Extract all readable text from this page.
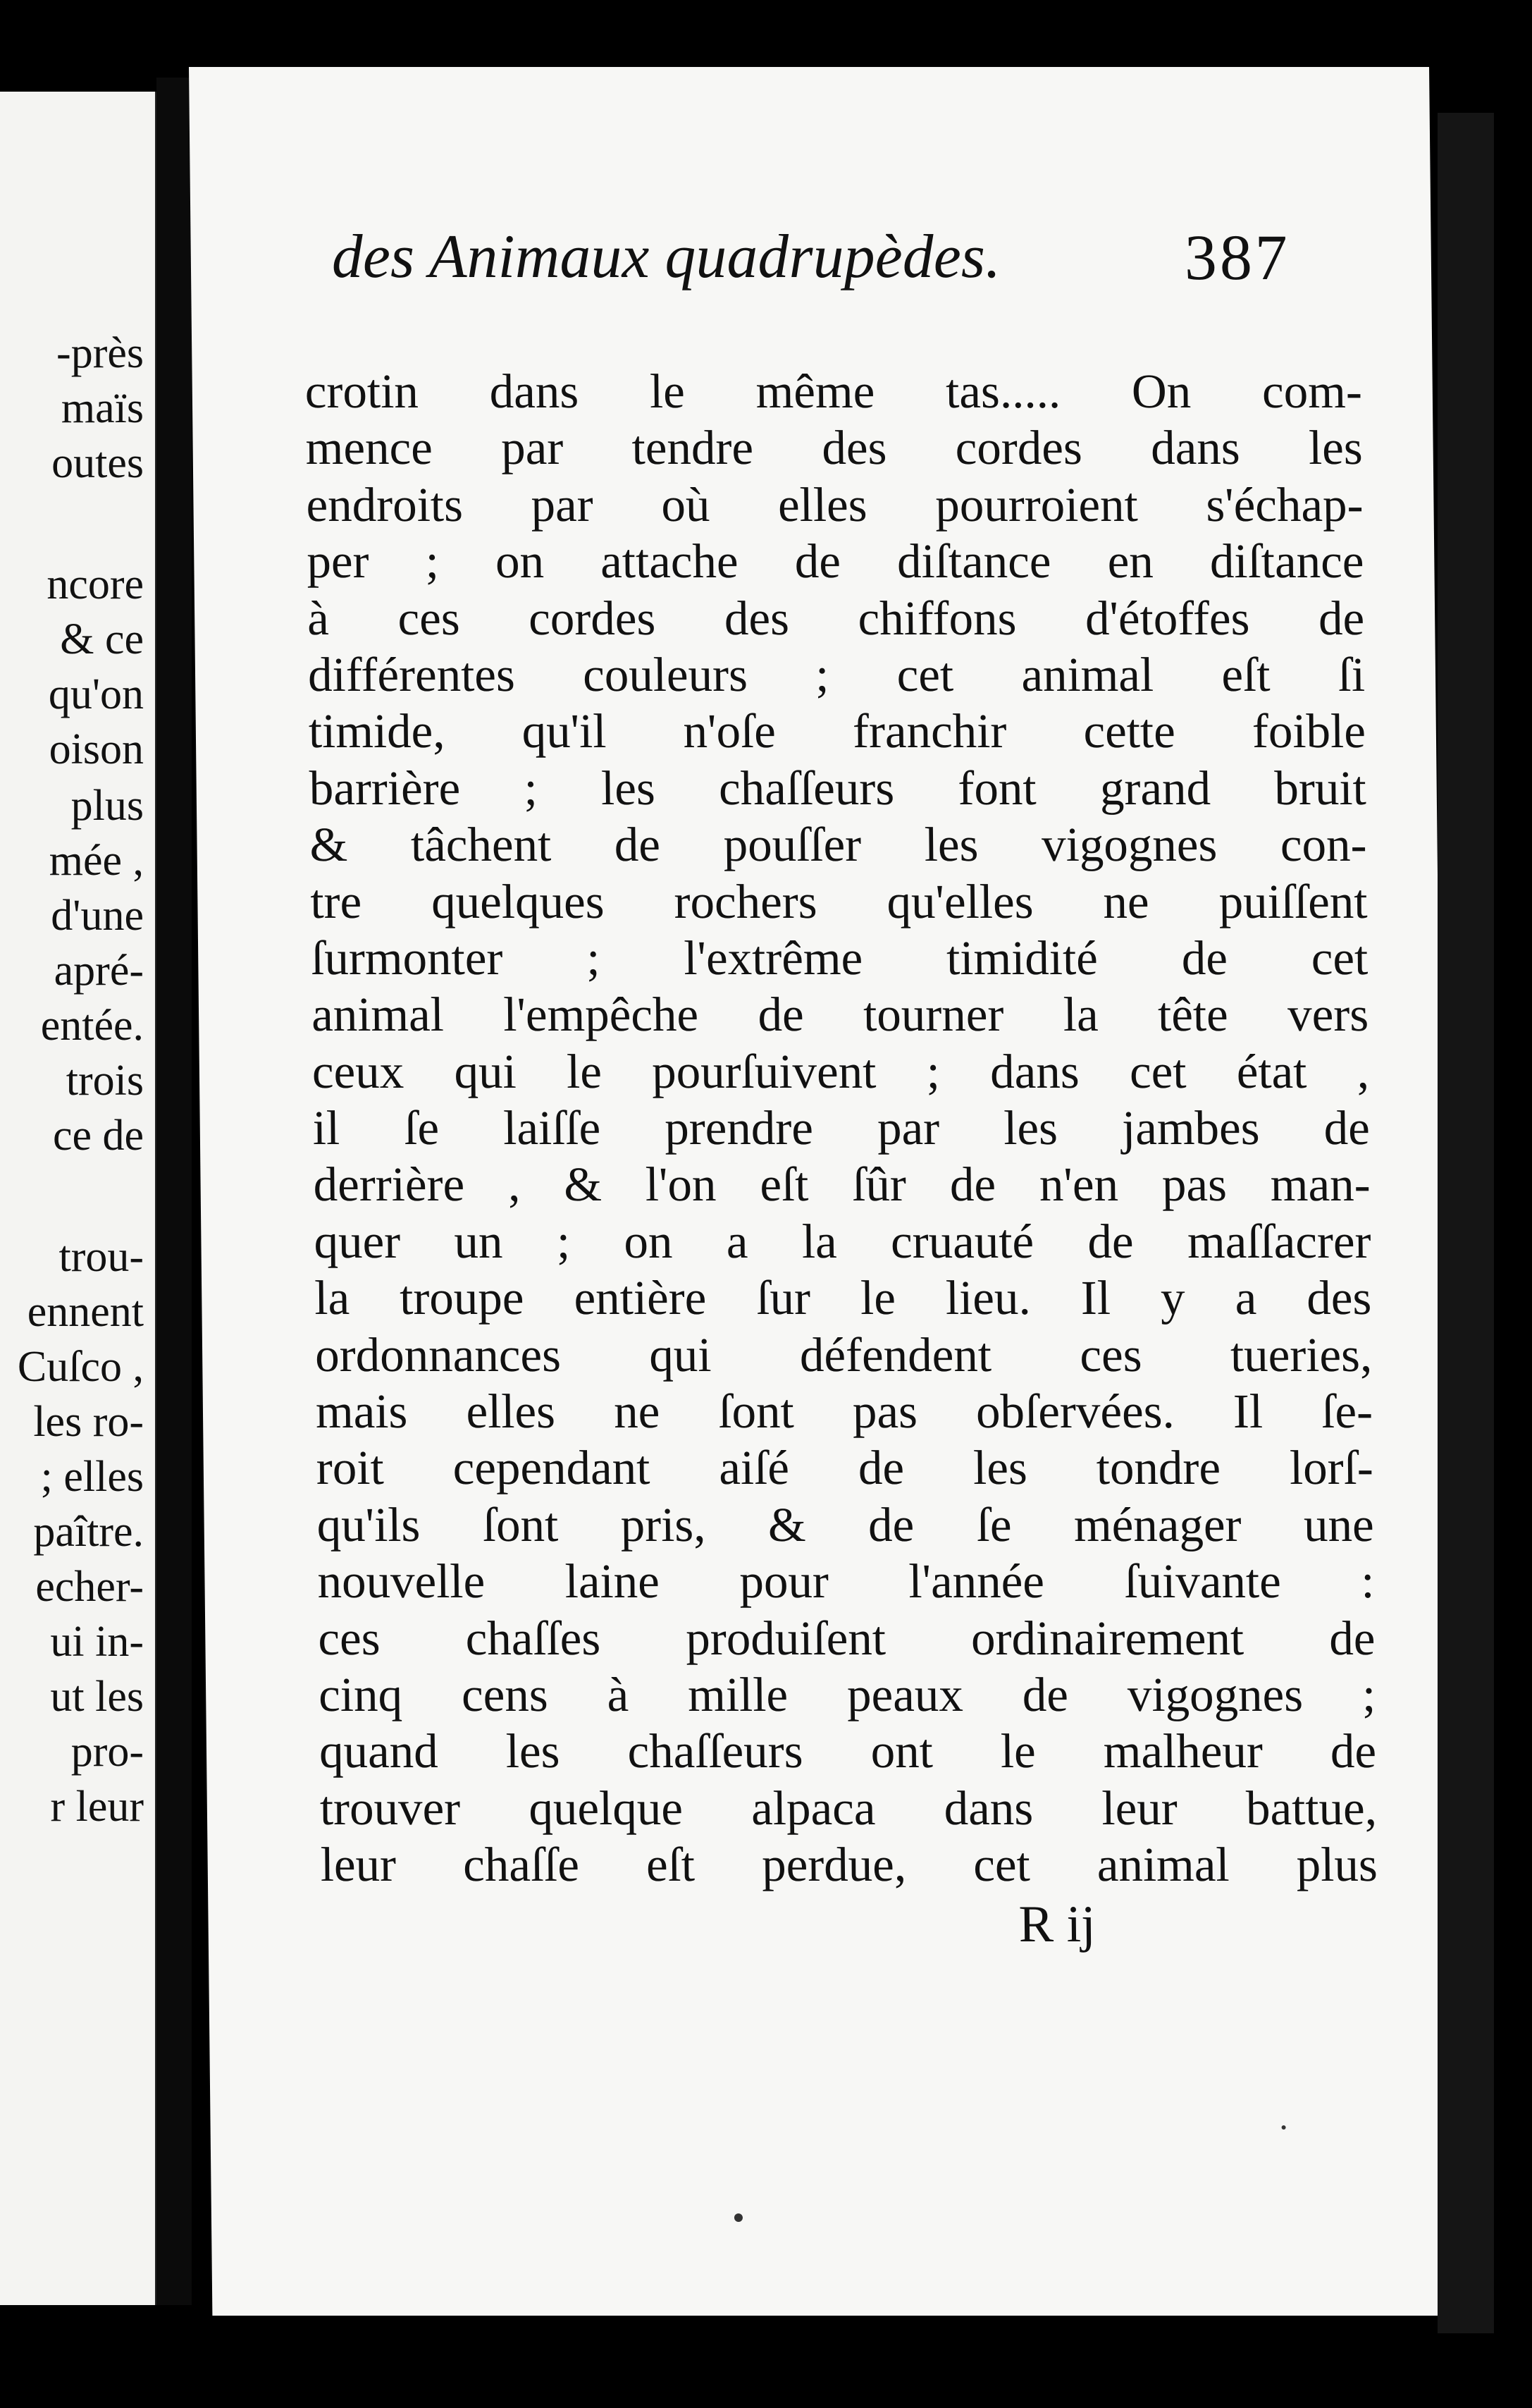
-près
maïs
outes
ncore
& ce
qu'on
oison
plus
mée ,
d'une
apré-
entée.
trois
ce de
trou-
ennent
Cuſco ,
les ro-
; elles
paître.
echer-
ui in-
ut les
pro-
r leur
des Animaux quadrupèdes.	387
crotin dans le même tas..... On com-
mence par tendre des cordes dans les
endroits par où elles pourroient s'échap-
per ; on attache de diſtance en diſtance
à ces cordes des chiffons d'étoffes de
différentes couleurs ; cet animal eſt ſi
timide, qu'il n'oſe franchir cette foible
barrière ; les chaſſeurs font grand bruit
& tâchent de pouſſer les vigognes con-
tre quelques rochers qu'elles ne puiſſent
ſurmonter ; l'extrême timidité de cet
animal l'empêche de tourner la tête vers
ceux qui le pourſuivent ; dans cet état ,
il ſe laiſſe prendre par les jambes de
derrière , & l'on eſt ſûr de n'en pas man-
quer un ; on a la cruauté de maſſacrer
la troupe entière ſur le lieu. Il y a des
ordonnances qui défendent ces tueries,
mais elles ne ſont pas obſervées. Il ſe-
roit cependant aiſé de les tondre lorſ-
qu'ils ſont pris, & de ſe ménager une
nouvelle laine pour l'année ſuivante :
ces chaſſes produiſent ordinairement de
cinq cens à mille peaux de vigognes ;
quand les chaſſeurs ont le malheur de
trouver quelque alpaca dans leur battue,
leur chaſſe eſt perdue, cet animal plus
R ij
